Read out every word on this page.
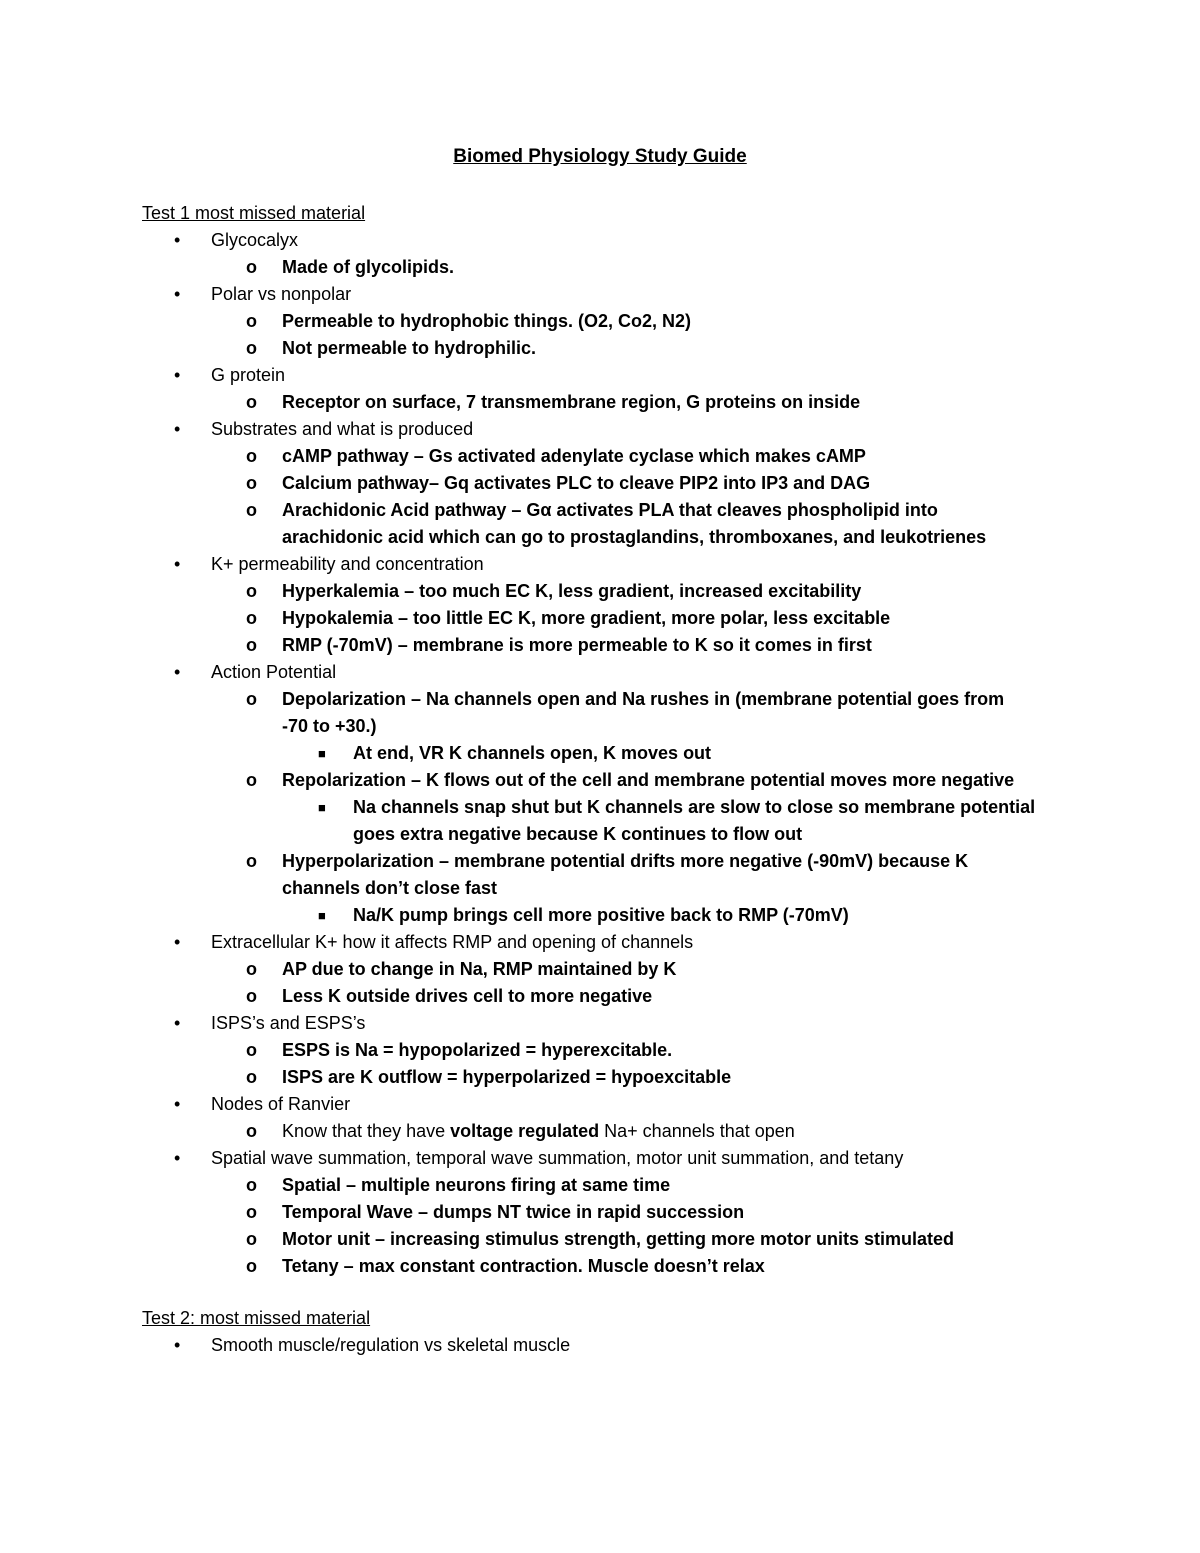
Biomed Physiology Study Guide
Test 1 most missed material
• Glycocalyx
o Made of glycolipids.
• Polar vs nonpolar
o Permeable to hydrophobic things. (O2, Co2, N2)
o Not permeable to hydrophilic.
• G protein
o Receptor on surface, 7 transmembrane region, G proteins on inside
• Substrates and what is produced
o cAMP pathway – Gs activated adenylate cyclase which makes cAMP
o Calcium pathway– Gq activates PLC to cleave PIP2 into IP3 and DAG
o Arachidonic Acid pathway – Gα activates PLA that cleaves phospholipid into
arachidonic acid which can go to prostaglandins, thromboxanes, and leukotrienes
• K+ permeability and concentration
o Hyperkalemia – too much EC K, less gradient, increased excitability
o Hypokalemia – too little EC K, more gradient, more polar, less excitable
o RMP (-70mV) – membrane is more permeable to K so it comes in first
• Action Potential
o Depolarization – Na channels open and Na rushes in (membrane potential goes from
-70 to +30.)
■ At end, VR K channels open, K moves out
o Repolarization – K flows out of the cell and membrane potential moves more negative
■ Na channels snap shut but K channels are slow to close so membrane potential
goes extra negative because K continues to flow out
o Hyperpolarization – membrane potential drifts more negative (-90mV) because K
channels don’t close fast
■ Na/K pump brings cell more positive back to RMP (-70mV)
• Extracellular K+ how it affects RMP and opening of channels
o AP due to change in Na, RMP maintained by K
o Less K outside drives cell to more negative
• ISPS’s and ESPS’s
o ESPS is Na = hypopolarized = hyperexcitable.
o ISPS are K outflow = hyperpolarized = hypoexcitable
• Nodes of Ranvier
o Know that they have voltage regulated Na+ channels that open
• Spatial wave summation, temporal wave summation, motor unit summation, and tetany
o Spatial – multiple neurons firing at same time
o Temporal Wave – dumps NT twice in rapid succession
o Motor unit – increasing stimulus strength, getting more motor units stimulated
o Tetany – max constant contraction. Muscle doesn’t relax
Test 2: most missed material
• Smooth muscle/regulation vs skeletal muscle
